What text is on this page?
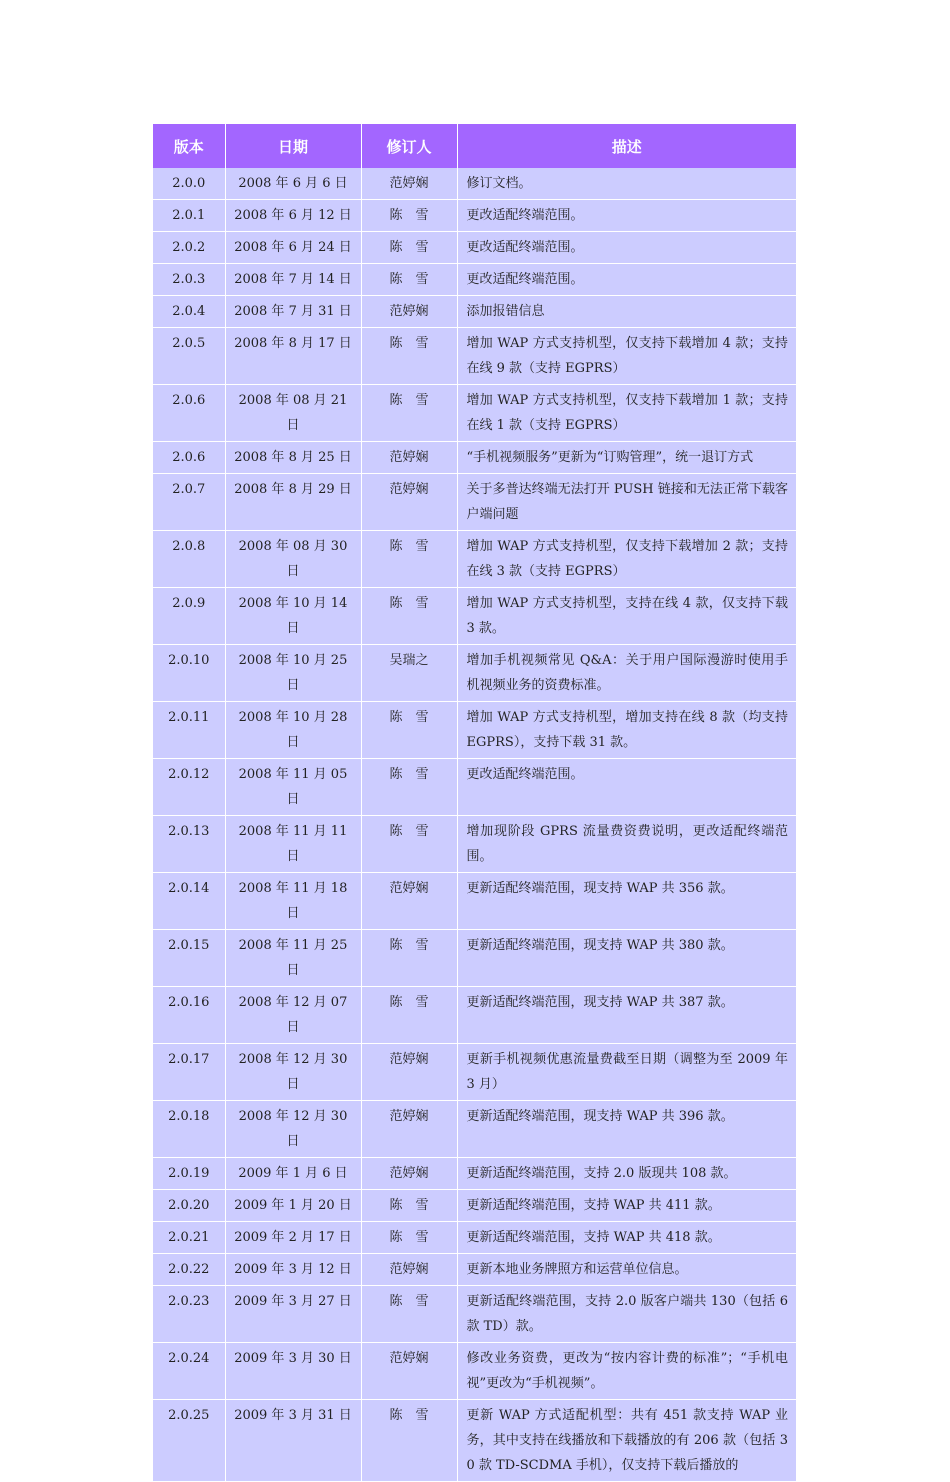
版本	日期	修订人	描述
2.0.0	2008 年 6 月 6 日	范婷娴	修订文档。
2.0.1	2008 年 6 月 12 日	陈　雪	更改适配终端范围。
2.0.2	2008 年 6 月 24 日	陈　雪	更改适配终端范围。
2.0.3	2008 年 7 月 14 日	陈　雪	更改适配终端范围。
2.0.4	2008 年 7 月 31 日	范婷娴	添加报错信息
2.0.5	2008 年 8 月 17 日	陈　雪	增加 WAP 方式支持机型，仅支持下载增加 4 款；支持在线 9 款（支持 EGPRS）
2.0.6	2008 年 08 月 21 日	陈　雪	增加 WAP 方式支持机型，仅支持下载增加 1 款；支持在线 1 款（支持 EGPRS）
2.0.6	2008 年 8 月 25 日	范婷娴	“手机视频服务”更新为“订购管理”，统一退订方式
2.0.7	2008 年 8 月 29 日	范婷娴	关于多普达终端无法打开 PUSH 链接和无法正常下载客户端问题
2.0.8	2008 年 08 月 30 日	陈　雪	增加 WAP 方式支持机型，仅支持下载增加 2 款；支持在线 3 款（支持 EGPRS）
2.0.9	2008 年 10 月 14 日	陈　雪	增加 WAP 方式支持机型，支持在线 4 款，仅支持下载 3 款。
2.0.10	2008 年 10 月 25 日	吴瑞之	增加手机视频常见 Q&A：关于用户国际漫游时使用手机视频业务的资费标准。
2.0.11	2008 年 10 月 28 日	陈　雪	增加 WAP 方式支持机型，增加支持在线 8 款（均支持 EGPRS），支持下载 31 款。
2.0.12	2008 年 11 月 05 日	陈　雪	更改适配终端范围。
2.0.13	2008 年 11 月 11 日	陈　雪	增加现阶段 GPRS 流量费资费说明，更改适配终端范围。
2.0.14	2008 年 11 月 18 日	范婷娴	更新适配终端范围，现支持 WAP 共 356 款。
2.0.15	2008 年 11 月 25 日	陈　雪	更新适配终端范围，现支持 WAP 共 380 款。
2.0.16	2008 年 12 月 07 日	陈　雪	更新适配终端范围，现支持 WAP 共 387 款。
2.0.17	2008 年 12 月 30 日	范婷娴	更新手机视频优惠流量费截至日期（调整为至 2009 年 3 月）
2.0.18	2008 年 12 月 30 日	范婷娴	更新适配终端范围，现支持 WAP 共 396 款。
2.0.19	2009 年 1 月 6 日	范婷娴	更新适配终端范围，支持 2.0 版现共 108 款。
2.0.20	2009 年 1 月 20 日	陈　雪	更新适配终端范围，支持 WAP 共 411 款。
2.0.21	2009 年 2 月 17 日	陈　雪	更新适配终端范围，支持 WAP 共 418 款。
2.0.22	2009 年 3 月 12 日	范婷娴	更新本地业务牌照方和运营单位信息。
2.0.23	2009 年 3 月 27 日	陈　雪	更新适配终端范围，支持 2.0 版客户端共 130（包括 6 款 TD）款。
2.0.24	2009 年 3 月 30 日	范婷娴	修改业务资费，更改为“按内容计费的标准”；“手机电视”更改为“手机视频”。
2.0.25	2009 年 3 月 31 日	陈　雪	更新 WAP 方式适配机型：共有 451 款支持 WAP 业务，其中支持在线播放和下载播放的有 206 款（包括 30 款 TD-SCDMA 手机），仅支持下载后播放的
